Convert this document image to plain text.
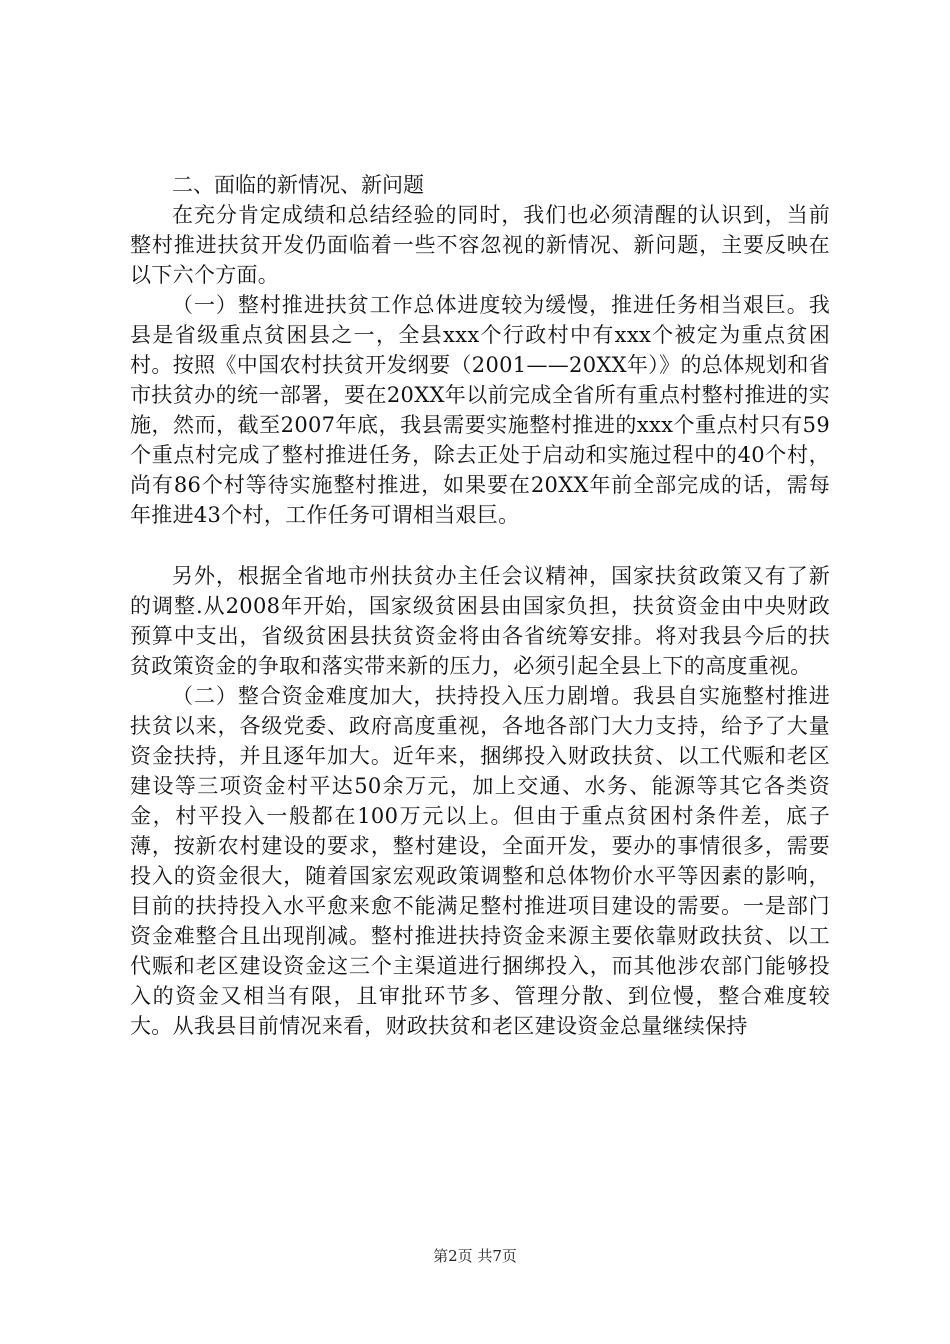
二、面临的新情况、新问题

在充分肯定成绩和总结经验的同时，我们也必须清醒的认识到，当前整村推进扶贫开发仍面临着一些不容忽视的新情况、新问题，主要反映在以下六个方面。

（一）整村推进扶贫工作总体进度较为缓慢，推进任务相当艰巨。我县是省级重点贫困县之一，全县xxx个行政村中有xxx个被定为重点贫困村。按照《中国农村扶贫开发纲要（2001——20XX年）》的总体规划和省市扶贫办的统一部署，要在20XX年以前完成全省所有重点村整村推进的实施，然而，截至2007年底，我县需要实施整村推进的xxx个重点村只有59个重点村完成了整村推进任务，除去正处于启动和实施过程中的40个村，尚有86个村等待实施整村推进，如果要在20XX年前全部完成的话，需每年推进43个村，工作任务可谓相当艰巨。

另外，根据全省地市州扶贫办主任会议精神，国家扶贫政策又有了新的调整.从2008年开始，国家级贫困县由国家负担，扶贫资金由中央财政预算中支出，省级贫困县扶贫资金将由各省统筹安排。将对我县今后的扶贫政策资金的争取和落实带来新的压力，必须引起全县上下的高度重视。

（二）整合资金难度加大，扶持投入压力剧增。我县自实施整村推进扶贫以来，各级党委、政府高度重视，各地各部门大力支持，给予了大量资金扶持，并且逐年加大。近年来，捆绑投入财政扶贫、以工代赈和老区建设等三项资金村平达50余万元，加上交通、水务、能源等其它各类资金，村平投入一般都在100万元以上。但由于重点贫困村条件差，底子薄，按新农村建设的要求，整村建设，全面开发，要办的事情很多，需要投入的资金很大，随着国家宏观政策调整和总体物价水平等因素的影响，目前的扶持投入水平愈来愈不能满足整村推进项目建设的需要。一是部门资金难整合且出现削减。整村推进扶持资金来源主要依靠财政扶贫、以工代赈和老区建设资金这三个主渠道进行捆绑投入，而其他涉农部门能够投入的资金又相当有限，且审批环节多、管理分散、到位慢，整合难度较大。从我县目前情况来看，财政扶贫和老区建设资金总量继续保持

第2页 共7页
